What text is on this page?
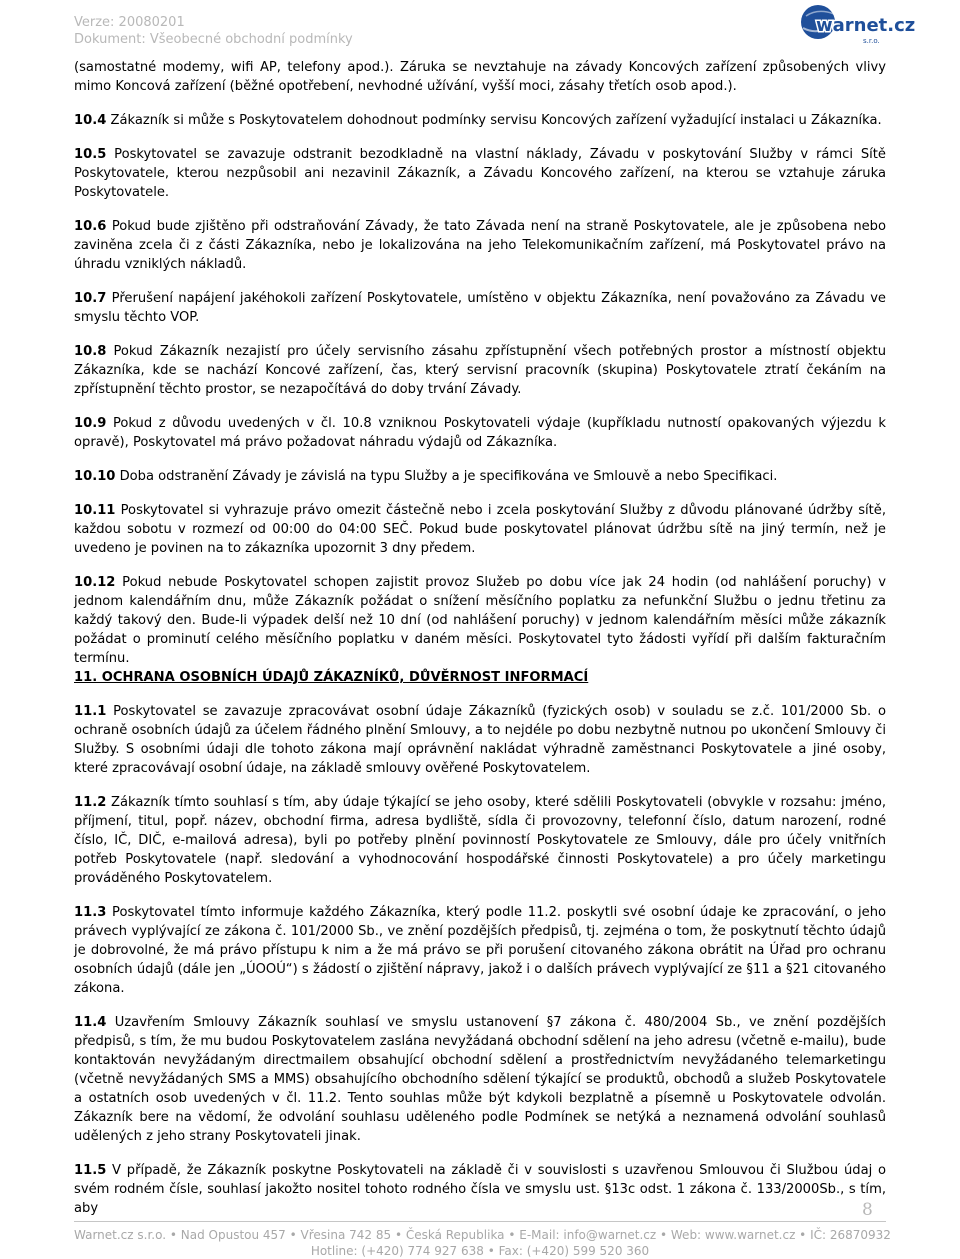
Verze: 20080201
Dokument: Všeobecné obchodní podmínky
warnet.cz
s.r.o.

(samostatné modemy, wifi AP, telefony apod.). Záruka se nevztahuje na závady Koncových zařízení způsobených vlivy mimo Koncová zařízení (běžné opotřebení, nevhodné užívání, vyšší moci, zásahy třetích osob apod.).

10.4 Zákazník si může s Poskytovatelem dohodnout podmínky servisu Koncových zařízení vyžadující instalaci u Zákazníka.

10.5 Poskytovatel se zavazuje odstranit bezodkladně na vlastní náklady, Závadu v poskytování Služby v rámci Sítě Poskytovatele, kterou nezpůsobil ani nezavinil Zákazník, a Závadu Koncového zařízení, na kterou se vztahuje záruka Poskytovatele.

10.6 Pokud bude zjištěno při odstraňování Závady, že tato Závada není na straně Poskytovatele, ale je způsobena nebo zaviněna zcela či z části Zákazníka, nebo je lokalizována na jeho Telekomunikačním zařízení, má Poskytovatel právo na úhradu vzniklých nákladů.

10.7 Přerušení napájení jakéhokoli zařízení Poskytovatele, umístěno v objektu Zákazníka, není považováno za Závadu ve smyslu těchto VOP.

10.8 Pokud Zákazník nezajistí pro účely servisního zásahu zpřístupnění všech potřebných prostor a místností objektu Zákazníka, kde se nachází Koncové zařízení, čas, který servisní pracovník (skupina) Poskytovatele ztratí čekáním na zpřístupnění těchto prostor, se nezapočítává do doby trvání Závady.

10.9 Pokud z důvodu uvedených v čl. 10.8 vzniknou Poskytovateli výdaje (kupříkladu nutností opakovaných výjezdu k opravě), Poskytovatel má právo požadovat náhradu výdajů od Zákazníka.

10.10 Doba odstranění Závady je závislá na typu Služby a je specifikována ve Smlouvě a nebo Specifikaci.

10.11 Poskytovatel si vyhrazuje právo omezit částečně nebo i zcela poskytování Služby z důvodu plánované údržby sítě, každou sobotu v rozmezí od 00:00 do 04:00 SEČ. Pokud bude poskytovatel plánovat údržbu sítě na jiný termín, než je uvedeno je povinen na to zákazníka upozornit 3 dny předem.

10.12 Pokud nebude Poskytovatel schopen zajistit provoz Služeb po dobu více jak 24 hodin (od nahlášení poruchy) v jednom kalendářním dnu, může Zákazník požádat o snížení měsíčního poplatku za nefunkční Službu o jednu třetinu za každý takový den. Bude-li výpadek delší než 10 dní (od nahlášení poruchy) v jednom kalendářním měsíci může zákazník požádat o prominutí celého měsíčního poplatku v daném měsíci. Poskytovatel tyto žádosti vyřídí při dalším fakturačním termínu.

11. OCHRANA OSOBNÍCH ÚDAJŮ ZÁKAZNÍKŮ, DŮVĚRNOST INFORMACÍ

11.1 Poskytovatel se zavazuje zpracovávat osobní údaje Zákazníků (fyzických osob) v souladu se z.č. 101/2000 Sb. o ochraně osobních údajů za účelem řádného plnění Smlouvy, a to nejdéle po dobu nezbytně nutnou po ukončení Smlouvy či Služby. S osobními údaji dle tohoto zákona mají oprávnění nakládat výhradně zaměstnanci Poskytovatele a jiné osoby, které zpracovávají osobní údaje, na základě smlouvy ověřené Poskytovatelem.

11.2 Zákazník tímto souhlasí s tím, aby údaje týkající se jeho osoby, které sdělili Poskytovateli (obvykle v rozsahu: jméno, příjmení, titul, popř. název, obchodní firma, adresa bydliště, sídla či provozovny, telefonní číslo, datum narození, rodné číslo, IČ, DIČ, e-mailová adresa), byli po potřeby plnění povinností Poskytovatele ze Smlouvy, dále pro účely vnitřních potřeb Poskytovatele (např. sledování a vyhodnocování hospodářské činnosti Poskytovatele) a pro účely marketingu prováděného Poskytovatelem.

11.3 Poskytovatel tímto informuje každého Zákazníka, který podle 11.2. poskytli své osobní údaje ke zpracování, o jeho právech vyplývající ze zákona č. 101/2000 Sb., ve znění pozdějších předpisů, tj. zejména o tom, že poskytnutí těchto údajů je dobrovolné, že má právo přístupu k nim a že má právo se při porušení citovaného zákona obrátit na Úřad pro ochranu osobních údajů (dále jen „ÚOOÚ“) s žádostí o zjištění nápravy, jakož i o dalších právech vyplývající ze §11 a §21 citovaného zákona.

11.4 Uzavřením Smlouvy Zákazník souhlasí ve smyslu ustanovení §7 zákona č. 480/2004 Sb., ve znění pozdějších předpisů, s tím, že mu budou Poskytovatelem zaslána nevyžádaná obchodní sdělení na jeho adresu (včetně e-mailu), bude kontaktován nevyžádaným directmailem obsahující obchodní sdělení a prostřednictvím nevyžádaného telemarketingu (včetně nevyžádaných SMS a MMS) obsahujícího obchodního sdělení týkající se produktů, obchodů a služeb Poskytovatele a ostatních osob uvedených v čl. 11.2. Tento souhlas může být kdykoli bezplatně a písemně u Poskytovatele odvolán. Zákazník bere na vědomí, že odvolání souhlasu uděleného podle Podmínek se netýká a neznamená odvolání souhlasů udělených z jeho strany Poskytovateli jinak.

11.5 V případě, že Zákazník poskytne Poskytovateli na základě či v souvislosti s uzavřenou Smlouvou či Službou údaj o svém rodném čísle, souhlasí jakožto nositel tohoto rodného čísla ve smyslu ust. §13c odst. 1 zákona č. 133/2000Sb., s tím, aby	8
Warnet.cz s.r.o. • Nad Opustou 457 • Vřesina 742 85 • Česká Republika • E-Mail: info@warnet.cz • Web: www.warnet.cz • IČ: 26870932
Hotline: (+420) 774 927 638 • Fax: (+420) 599 520 360
